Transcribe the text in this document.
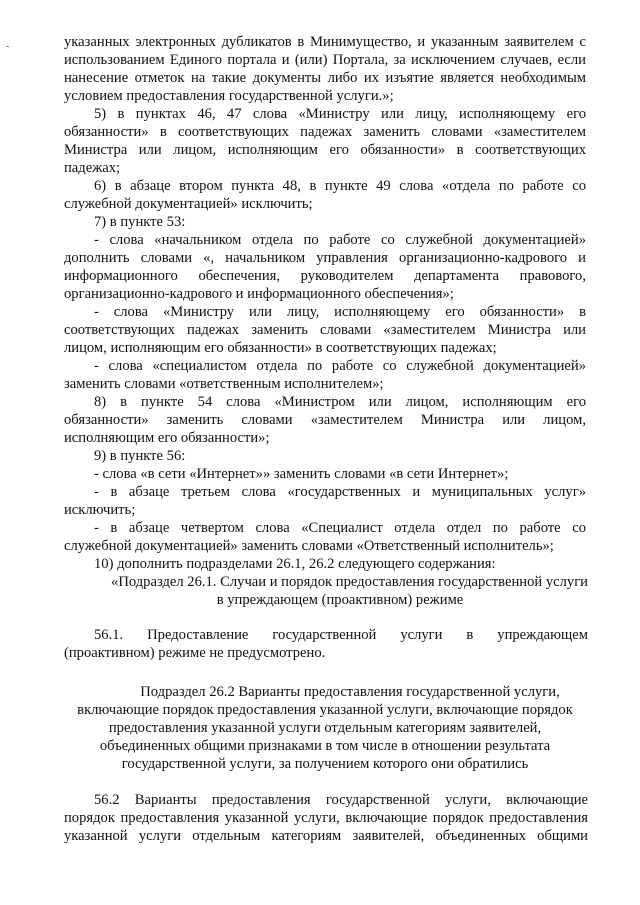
указанных электронных дубликатов в Минимущество, и указанным заявителем с

использованием Единого портала и (или) Портала, за исключением случаев, если

нанесение отметок на такие документы либо их изъятие является необходимым

условием предоставления государственной услуги.»;

5) в пунктах 46, 47 слова «Министру или лицу, исполняющему его

обязанности» в соответствующих падежах заменить словами «заместителем

Министра или лицом, исполняющим его обязанности» в соответствующих

падежах;

6) в абзаце втором пункта 48, в пункте 49 слова «отдела по работе со

служебной документацией» исключить;

7) в пункте 53:

- слова «начальником отдела по работе со служебной документацией»

дополнить словами «, начальником управления организационно-кадрового и

информационного обеспечения, руководителем департамента правового,

организационно-кадрового и информационного обеспечения»;

- слова «Министру или лицу, исполняющему его обязанности» в

соответствующих падежах заменить словами «заместителем Министра или

лицом, исполняющим его обязанности» в соответствующих падежах;

- слова «специалистом отдела по работе со служебной документацией»

заменить словами «ответственным исполнителем»;

8) в пункте 54 слова «Министром или лицом, исполняющим его

обязанности» заменить словами «заместителем Министра или лицом,

исполняющим его обязанности»;

9) в пункте 56:

- слова «в сети «Интернет»» заменить словами «в сети Интернет»;

- в абзаце третьем слова «государственных и муниципальных услуг»

исключить;

- в абзаце четвертом слова «Специалист отдела отдел по работе со

служебной документацией» заменить словами «Ответственный исполнитель»;

10) дополнить подразделами 26.1, 26.2 следующего содержания:

«Подраздел 26.1. Случаи и порядок предоставления государственной услуги

в упреждающем (проактивном) режиме

56.1. Предоставление государственной услуги в упреждающем

(проактивном) режиме не предусмотрено.

Подраздел 26.2 Варианты предоставления государственной услуги,

включающие порядок предоставления указанной услуги, включающие порядок

предоставления указанной услуги отдельным категориям заявителей,

объединенных общими признаками в том числе в отношении результата

государственной услуги, за получением которого они обратились

56.2 Варианты предоставления государственной услуги, включающие

порядок предоставления указанной услуги, включающие порядок предоставления

указанной услуги отдельным категориям заявителей, объединенных общими
